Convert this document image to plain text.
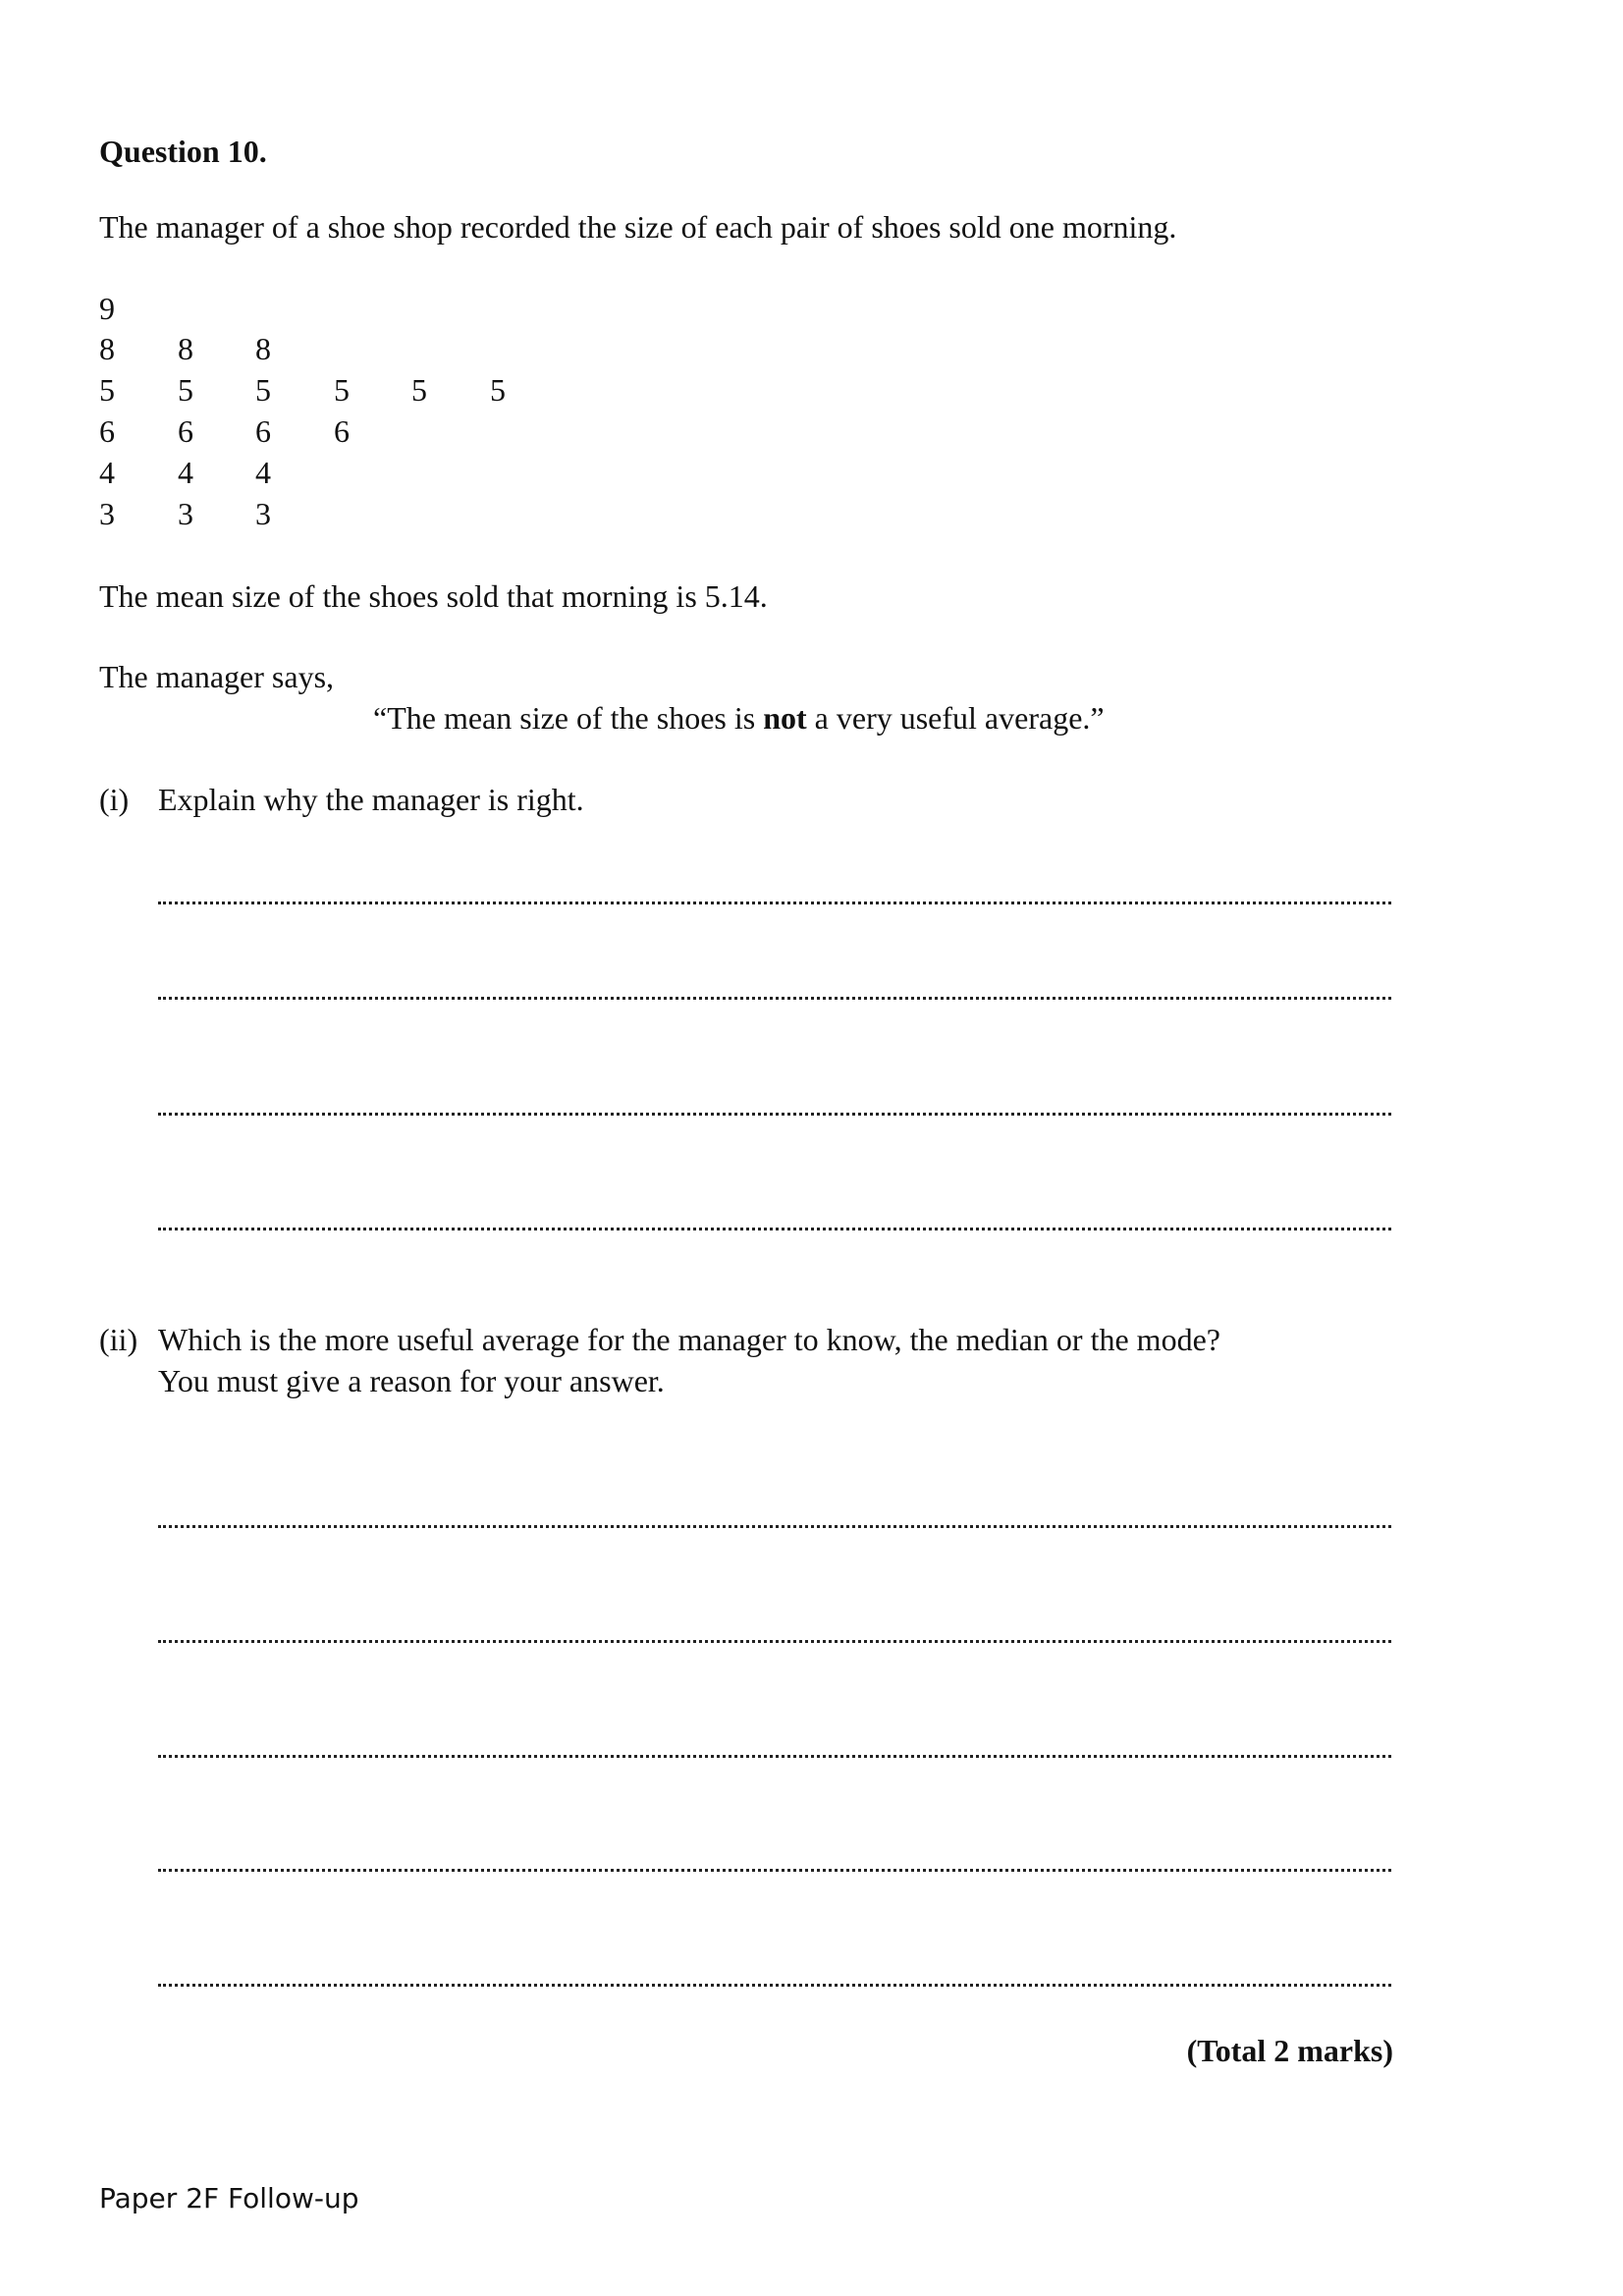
Question 10.
The manager of a shoe shop recorded the size of each pair of shoes sold one morning.
9
8	8	8
5	5	5	5	5	5
6	6	6	6
4	4	4
3	3	3
The mean size of the shoes sold that morning is 5.14.
The manager says,
“The mean size of the shoes is not a very useful average.”
(i) Explain why the manager is right.
(ii) Which is the more useful average for the manager to know, the median or the mode?
You must give a reason for your answer.
(Total 2 marks)
Paper 2F Follow-up
